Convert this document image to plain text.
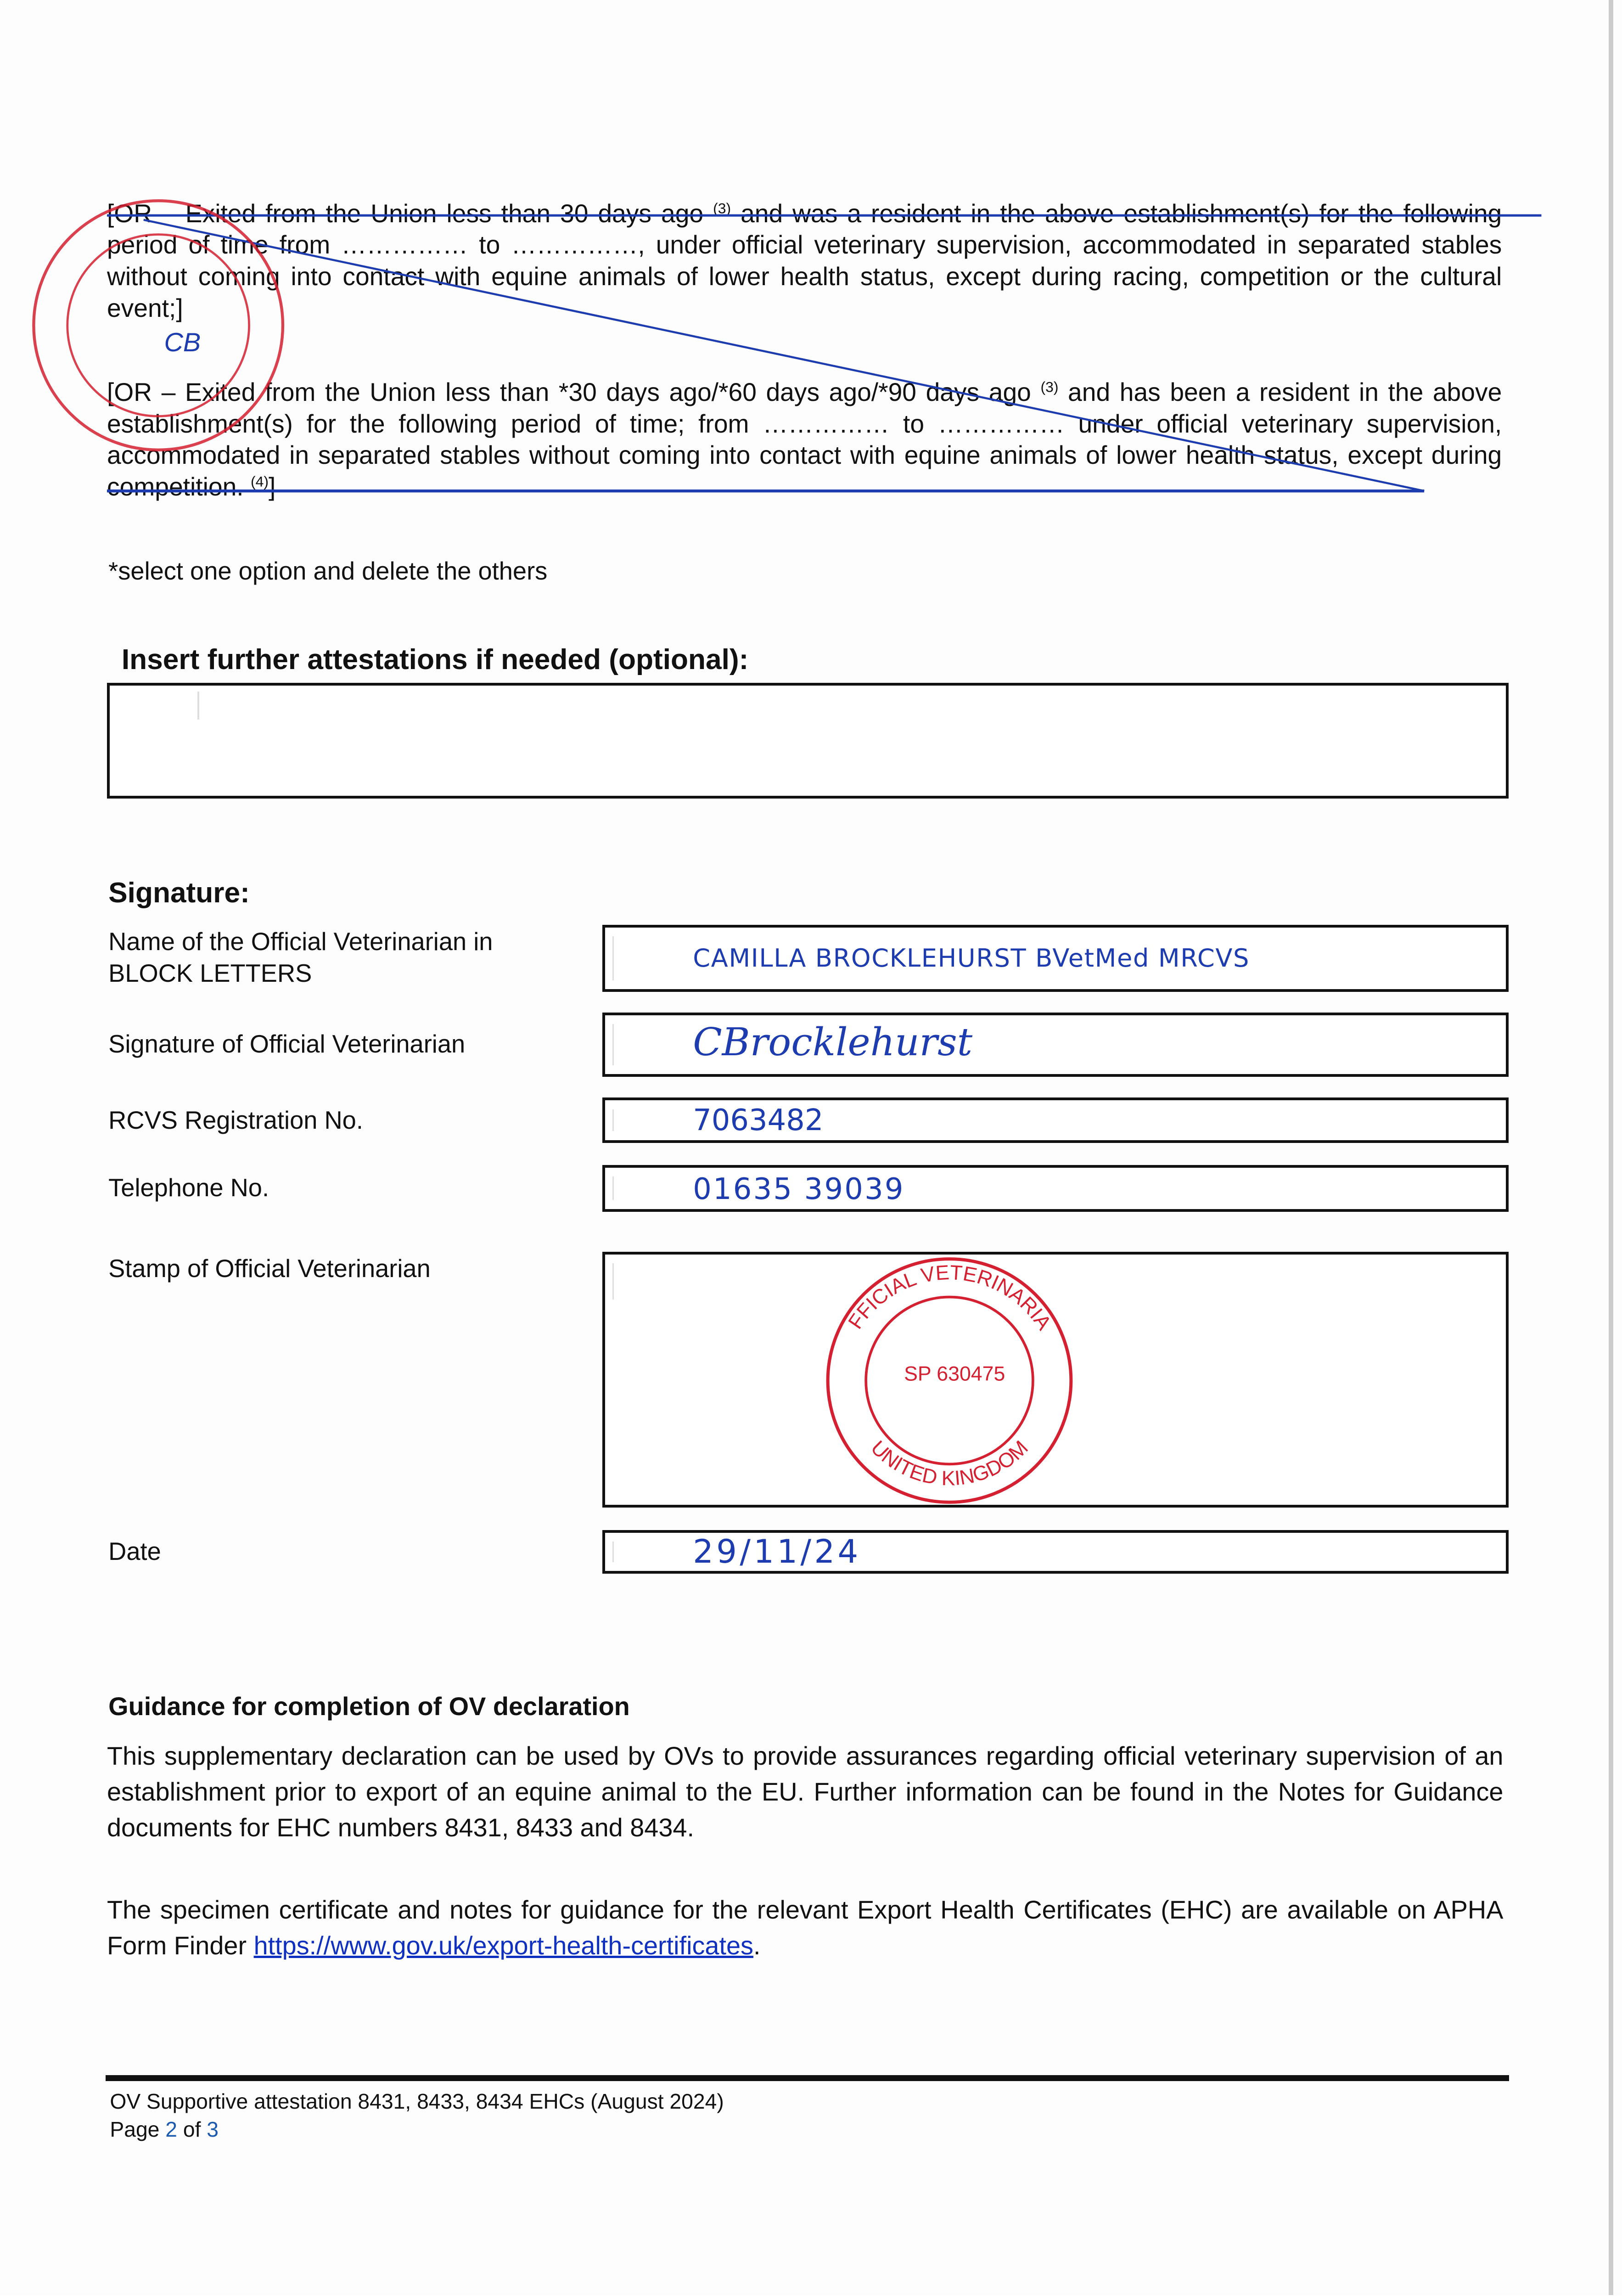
[OR – Exited from the Union less than 30 days ago $^{(3)}$ and was a resident in the above establishment(s) for the following period of time from …………… to ……………, under official veterinary supervision, accommodated in separated stables without coming into contact with equine animals of lower health status, except during racing, competition or the cultural event;]
[OR – Exited from the Union less than *30 days ago/*60 days ago/*90 days ago $^{(3)}$ and has been a resident in the above establishment(s) for the following period of time; from …………… to …………… under official veterinary supervision, accommodated in separated stables without coming into contact with equine animals of lower health status, except during competition. $^{(4)}$]
CB
*select one option and delete the others
Insert further attestations if needed (optional):
Signature:
Name of the Official Veterinarian in BLOCK LETTERS
CAMILLA BROCKLEHURST BVetMed MRCVS
Signature of Official Veterinarian	CBrocklehurst
RCVS Registration No.	7063482
Telephone No.	01635 39039
Stamp of Official Veterinarian
OFFICIAL VETERINARIAN
UNITED KINGDOM
SP 630475
Date	29/11/24
Guidance for completion of OV declaration
This supplementary declaration can be used by OVs to provide assurances regarding official veterinary supervision of an establishment prior to export of an equine animal to the EU. Further information can be found in the Notes for Guidance documents for EHC numbers 8431, 8433 and 8434.
The specimen certificate and notes for guidance for the relevant Export Health Certificates (EHC) are available on APHA Form Finder https://www.gov.uk/export-health-certificates.
OV Supportive attestation 8431, 8433, 8434 EHCs (August 2024)
Page 2 of 3
